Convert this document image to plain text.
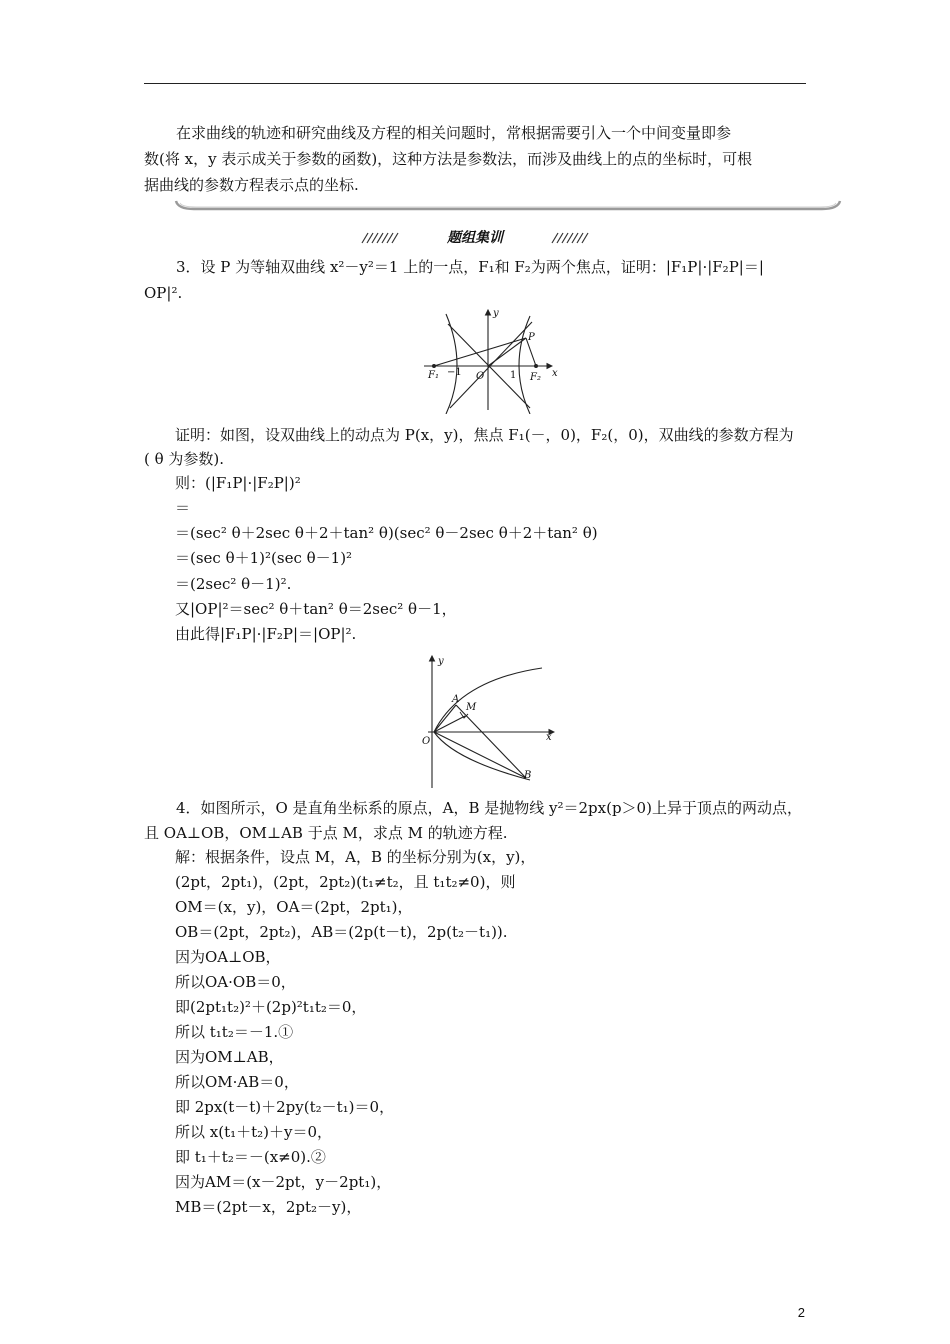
在求曲线的轨迹和研究曲线及方程的相关问题时，常根据需要引入一个中间变量即参
数(将 x，y 表示成关于参数的函数)，这种方法是参数法，而涉及曲线上的点的坐标时，可根
据曲线的参数方程表示点的坐标.
题组集训
3．设 P 为等轴双曲线 x²－y²＝1 上的一点，F₁和 F₂为两个焦点，证明：|F₁P|·|F₂P|＝|
OP|².
y
P
F₁ −1 O	1 F₂ x
证明：如图，设双曲线上的动点为 P(x，y)，焦点 F₁(－，0)，F₂(，0)，双曲线的参数方程为
( θ 为参数).
则：(|F₁P|·|F₂P|)²
＝
＝(sec² θ＋2sec θ＋2＋tan² θ)(sec² θ－2sec θ＋2＋tan² θ)
＝(sec θ＋1)²(sec θ－1)²
＝(2sec² θ－1)².
又|OP|²＝sec² θ＋tan² θ＝2sec² θ－1，
由此得|F₁P|·|F₂P|＝|OP|².
y
A
M
O	x
B
4．如图所示，O 是直角坐标系的原点，A，B 是抛物线 y²＝2px(p＞0)上异于顶点的两动点，
且 OA⊥OB，OM⊥AB 于点 M，求点 M 的轨迹方程.
解：根据条件，设点 M，A，B 的坐标分别为(x，y)，
(2pt，2pt₁)，(2pt，2pt₂)(t₁≠t₂，且 t₁t₂≠0)，则
OM＝(x，y)，OA＝(2pt，2pt₁)，
OB＝(2pt，2pt₂)，AB＝(2p(t－t)，2p(t₂－t₁)).
因为OA⊥OB，
所以OA·OB＝0，
即(2pt₁t₂)²＋(2p)²t₁t₂＝0，
所以 t₁t₂＝－1.①
因为OM⊥AB，
所以OM·AB＝0，
即 2px(t－t)＋2py(t₂－t₁)＝0，
所以 x(t₁＋t₂)＋y＝0，
即 t₁＋t₂＝－(x≠0).②
因为AM＝(x－2pt，y－2pt₁)，
MB＝(2pt－x，2pt₂－y)，
2
